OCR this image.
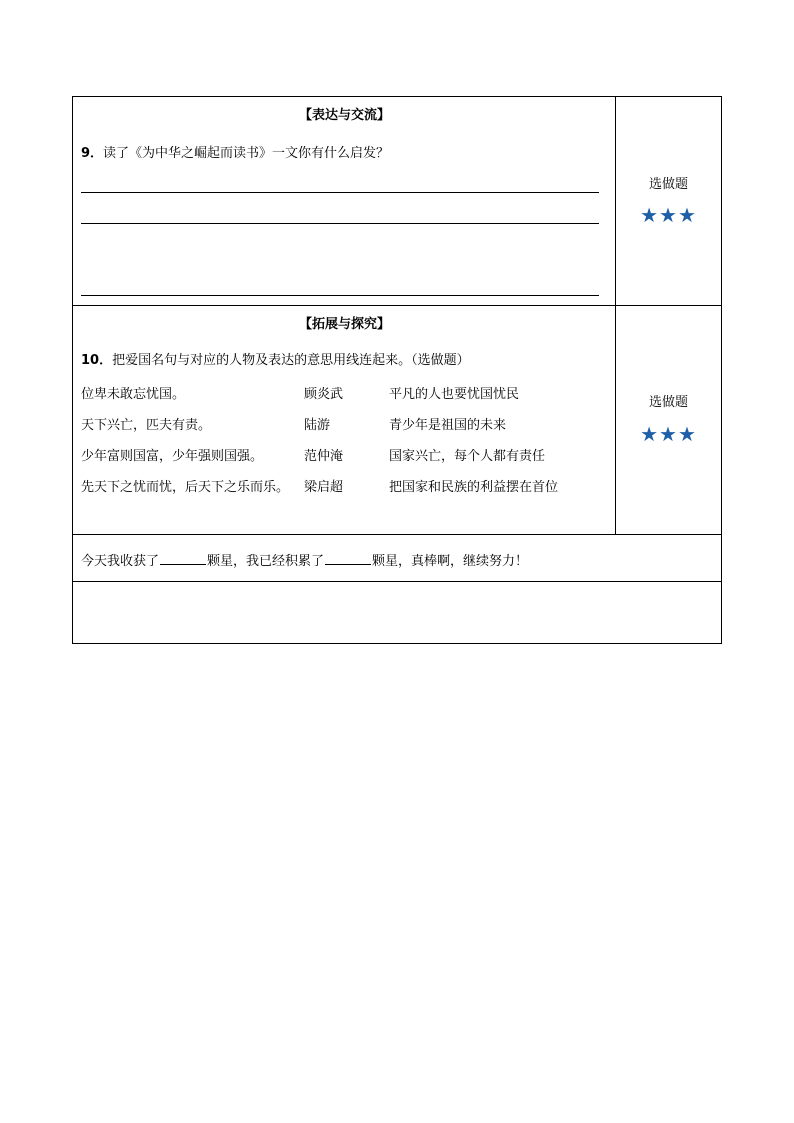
【表达与交流】
9．读了《为中华之崛起而读书》一文你有什么启发？
选做题
★★★
【拓展与探究】
10．把爱国名句与对应的人物及表达的意思用线连起来。（选做题）
位卑未敢忘忧国。
天下兴亡，匹夫有责。
少年富则国富，少年强则国强。
先天下之忧而忧，后天下之乐而乐。
顾炎武
陆游
范仲淹
梁启超
平凡的人也要忧国忧民
青少年是祖国的未来
国家兴亡，每个人都有责任
把国家和民族的利益摆在首位
选做题
★★★
今天我收获了	颗星，我已经积累了	颗星，真棒啊，继续努力！
